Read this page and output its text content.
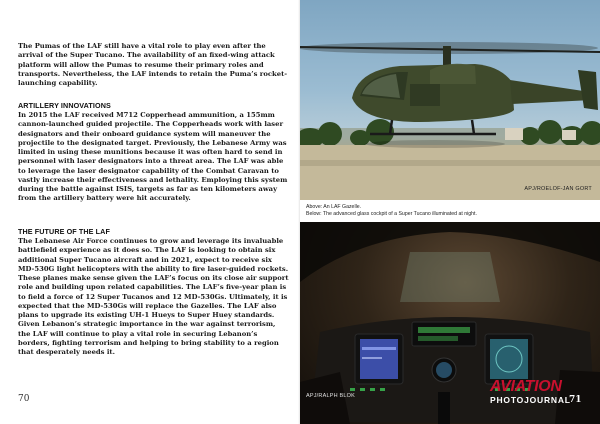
The Pumas of the LAF still have a vital role to play even after the arrival of the Super Tucano. The availability of an fixed-wing attack platform will allow the Pumas to resume their primary roles and transports. Nevertheless, the LAF intends to retain the Puma’s rocket-launching capability.

ARTILLERY INNOVATIONS

In 2015 the LAF received M712 Copperhead ammunition, a 155mm cannon-launched guided projectile. The Copperheads work with laser designators and their onboard guidance system will maneuver the projectile to the designated target. Previously, the Lebanese Army was limited in using these munitions because it was often hard to send in personnel with laser designators into a threat area. The LAF was able to leverage the laser designator capability of the Combat Caravan to vastly increase their effectiveness and lethality. Employing this system during the battle against ISIS, targets as far as ten kilometers away from the artillery battery were hit accurately.

THE FUTURE OF THE LAF

The Lebanese Air Force continues to grow and leverage its invaluable battlefield experience as it does so. The LAF is looking to obtain six additional Super Tucano aircraft and in 2021, expect to receive six MD-530G light helicopters with the ability to fire laser-guided rockets. These planes make sense given the LAF’s focus on its close air support role and building upon related capabilities. The LAF’s five-year plan is to field a force of 12 Super Tucanos and 12 MD-530Gs. Ultimately, it is expected that the MD-530Gs will replace the Gazelles. The LAF also plans to upgrade its existing UH-1 Hueys to Super Huey standards. Given Lebanon’s strategic importance in the war against terrorism, the LAF will continue to play a vital role in securing Lebanon’s borders, fighting terrorism and helping to bring stability to a region that desperately needs it.

70
APJ/ROELOF-JAN GORT
Above: An LAF Gazelle.
Below: The advanced glass cockpit of a Super Tucano illuminated at night.
APJ/RALPH BLOK
AVIATION
PHOTOJOURNAL
71
